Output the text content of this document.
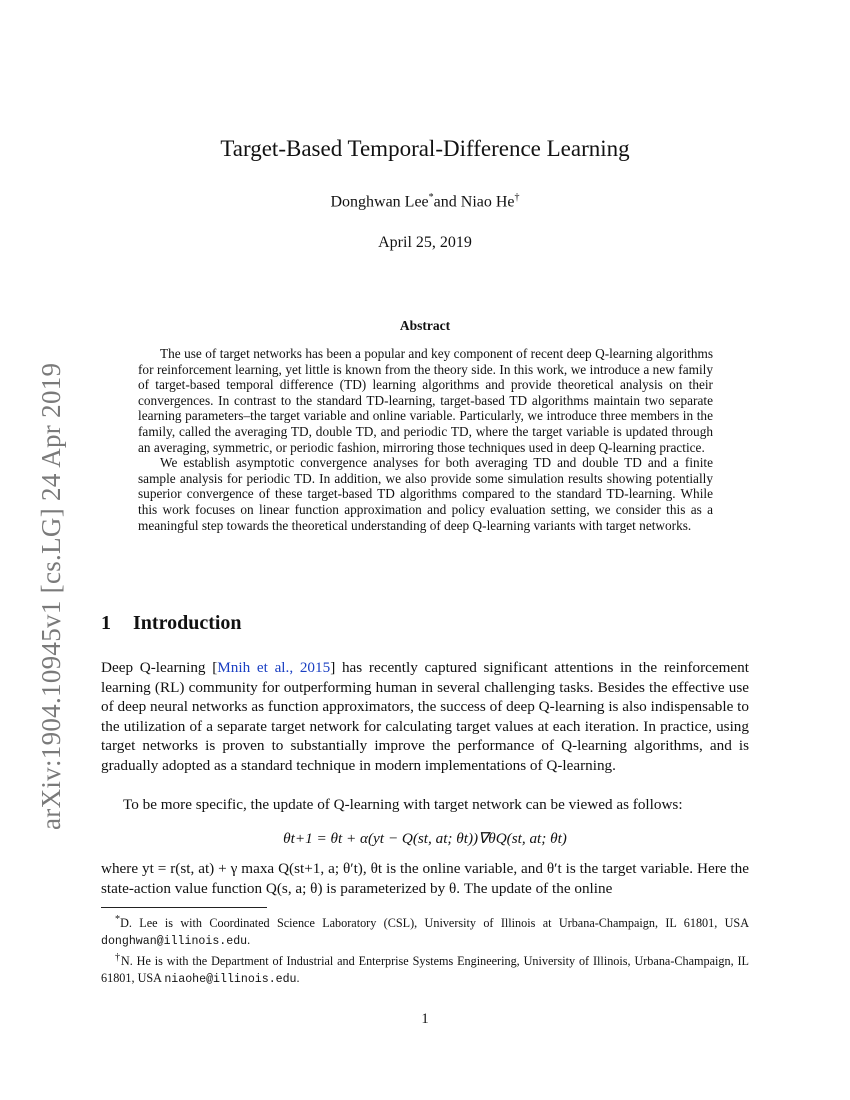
arXiv:1904.10945v1 [cs.LG] 24 Apr 2019
Target-Based Temporal-Difference Learning
Donghwan Lee*and Niao He†
April 25, 2019
Abstract

The use of target networks has been a popular and key component of recent deep Q-learning algorithms for reinforcement learning, yet little is known from the theory side. In this work, we introduce a new family of target-based temporal difference (TD) learning algorithms and provide theoretical analysis on their convergences. In contrast to the standard TD-learning, target-based TD algorithms maintain two separate learning parameters–the target variable and online variable. Particularly, we introduce three members in the family, called the averaging TD, double TD, and periodic TD, where the target variable is updated through an averaging, symmetric, or periodic fashion, mirroring those techniques used in deep Q-learning practice.

We establish asymptotic convergence analyses for both averaging TD and double TD and a finite sample analysis for periodic TD. In addition, we also provide some simulation results showing potentially superior convergence of these target-based TD algorithms compared to the standard TD-learning. While this work focuses on linear function approximation and policy evaluation setting, we consider this as a meaningful step towards the theoretical understanding of deep Q-learning variants with target networks.

1 Introduction

Deep Q-learning [Mnih et al., 2015] has recently captured significant attentions in the reinforcement learning (RL) community for outperforming human in several challenging tasks. Besides the effective use of deep neural networks as function approximators, the success of deep Q-learning is also indispensable to the utilization of a separate target network for calculating target values at each iteration. In practice, using target networks is proven to substantially improve the performance of Q-learning algorithms, and is gradually adopted as a standard technique in modern implementations of Q-learning.

To be more specific, the update of Q-learning with target network can be viewed as follows:
θt+1 = θt + α(yt − Q(st, at; θt))∇θQ(st, at; θt)
where yt = r(st, at) + γ maxa Q(st+1, a; θ′t), θt is the online variable, and θ′t is the target variable. Here the state-action value function Q(s, a; θ) is parameterized by θ. The update of the online

*D. Lee is with Coordinated Science Laboratory (CSL), University of Illinois at Urbana-Champaign, IL 61801, USA donghwan@illinois.edu.

†N. He is with the Department of Industrial and Enterprise Systems Engineering, University of Illinois, Urbana-Champaign, IL 61801, USA niaohe@illinois.edu.

1
